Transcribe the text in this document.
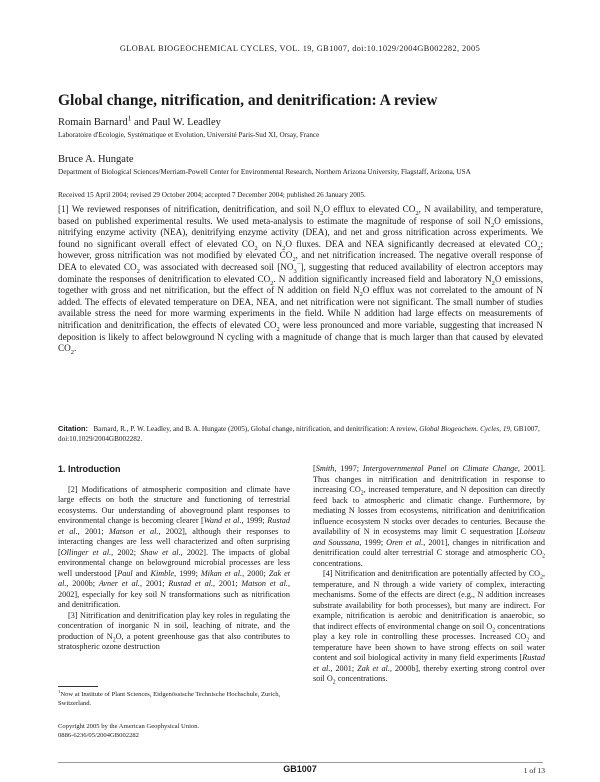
GLOBAL BIOGEOCHEMICAL CYCLES, VOL. 19, GB1007, doi:10.1029/2004GB002282, 2005
Global change, nitrification, and denitrification: A review
Romain Barnard$^1$ and Paul W. Leadley
Laboratoire d'Ecologie, Systématique et Evolution, Université Paris-Sud XI, Orsay, France
Bruce A. Hungate
Department of Biological Sciences/Merriam-Powell Center for Environmental Research, Northern Arizona University, Flagstaff, Arizona, USA
Received 15 April 2004; revised 29 October 2004; accepted 7 December 2004; published 26 January 2005.

[1] We reviewed responses of nitrification, denitrification, and soil $N_2O$ efflux to elevated $CO_2$, N availability, and temperature, based on published experimental results. We used meta-analysis to estimate the magnitude of response of soil $N_2O$ emissions, nitrifying enzyme activity (NEA), denitrifying enzyme activity (DEA), and net and gross nitrification across experiments. We found no significant overall effect of elevated $CO_2$ on $N_2O$ fluxes. DEA and NEA significantly decreased at elevated $CO_2$; however, gross nitrification was not modified by elevated $CO_2$, and net nitrification increased. The negative overall response of DEA to elevated $CO_2$ was associated with decreased soil $[NO_3^-]$, suggesting that reduced availability of electron acceptors may dominate the responses of denitrification to elevated $CO_2$. N addition significantly increased field and laboratory $N_2O$ emissions, together with gross and net nitrification, but the effect of N addition on field $N_2O$ efflux was not correlated to the amount of N added. The effects of elevated temperature on DEA, NEA, and net nitrification were not significant. The small number of studies available stress the need for more warming experiments in the field. While N addition had large effects on measurements of nitrification and denitrification, the effects of elevated $CO_2$ were less pronounced and more variable, suggesting that increased N deposition is likely to affect belowground N cycling with a magnitude of change that is much larger than that caused by elevated $CO_2$.

Citation: Barnard, R., P. W. Leadley, and B. A. Hungate (2005), Global change, nitrification, and denitrification: A review, Global Biogeochem. Cycles, 19, GB1007, doi:10.1029/2004GB002282.

1. Introduction

[2] Modifications of atmospheric composition and climate have large effects on both the structure and functioning of terrestrial ecosystems. Our understanding of aboveground plant responses to environmental change is becoming clearer [Wand et al., 1999; Rustad et al., 2001; Matson et al., 2002], although their responses to interacting changes are less well characterized and often surprising [Ollinger et al., 2002; Shaw et al., 2002]. The impacts of global environmental change on belowground microbial processes are less well understood [Paul and Kimble, 1999; Mikan et al., 2000; Zak et al., 2000b; Avner et al., 2001; Rustad et al., 2001; Matson et al., 2002], especially for key soil N transformations such as nitrification and denitrification.

[3] Nitrification and denitrification play key roles in regulating the concentration of inorganic N in soil, leaching of nitrate, and the production of $N_2O$, a potent greenhouse gas that also contributes to stratospheric ozone destruction

[Smith, 1997; Intergovernmental Panel on Climate Change, 2001]. Thus changes in nitrification and denitrification in response to increasing $CO_2$, increased temperature, and N deposition can directly feed back to atmospheric and climatic change. Furthermore, by mediating N losses from ecosystems, nitrification and denitrification influence ecosystem N stocks over decades to centuries. Because the availability of N in ecosystems may limit C sequestration [Loiseau and Soussana, 1999; Oren et al., 2001], changes in nitrification and denitrification could alter terrestrial C storage and atmospheric $CO_2$ concentrations.

[4] Nitrification and denitrification are potentially affected by $CO_2$, temperature, and N through a wide variety of complex, interacting mechanisms. Some of the effects are direct (e.g., N addition increases substrate availability for both processes), but many are indirect. For example, nitrification is aerobic and denitrification is anaerobic, so that indirect effects of environmental change on soil $O_2$ concentrations play a key role in controlling these processes. Increased $CO_2$ and temperature have been shown to have strong effects on soil water content and soil biological activity in many field experiments [Rustad et al., 2001; Zak et al., 2000b], thereby exerting strong control over soil $O_2$ concentrations.

$^1$Now at Institute of Plant Sciences, Eidgenössische Technische Hochschule, Zurich, Switzerland.
Copyright 2005 by the American Geophysical Union.
0886-6236/05/2004GB002282
GB1007	1 of 13
